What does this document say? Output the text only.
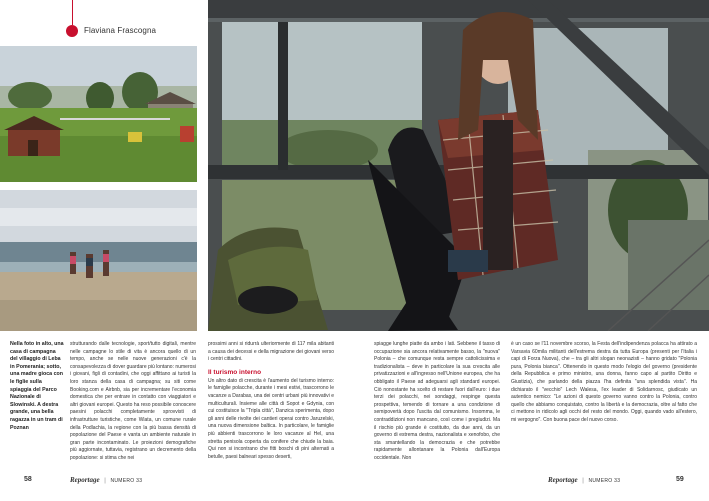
Flaviana Frascogna
Nella foto in alto, una casa di campagna del villaggio di Leba in Pomerania; sotto, una madre gioca con le figlie sulla spiaggia del Parco Nazionale di Slowinski. A destra grande, una bella ragazza in un tram di Poznan

strutturando dalle tecnologie, sport/tutto digitali, mentre nelle campagne lo stile di vita è ancora quello di un tempo, anche se nelle nuove generazioni c'è la consapevolezza di dover guardare più lontano: numerosi i giovani, figli di contadini, che oggi affittano ai turisti la loro stanza della casa di campagna; su siti come Booking.com e Airbnb, sia per incrementare l'economia domestica che per entrare in contatto con viaggiatori e altri giovani europei. Questo ha reso possibile conoscere paesini polacchi completamente sprovvisti di infrastrutture turistiche, come Wiata, un comune rurale della Podlachia, la regione con la più bassa densità di popolazione del Paese e vanta un ambiente naturale in gran parte incontaminato. Le proiezioni demografiche più aggiornate, tuttavia, registrano un decremento della popolazione: si stima che nei

prossimi anni si ridurrà ulteriormente di 117 mila abitanti a causa dei decessi e della migrazione dei giovani verso i centri cittadini.

Il turismo interno

Un altro dato di crescita è l'aumento del turismo interno: le famiglie polacche, durante i mesi estivi, trascorrono le vacanze a Darabas, una dei centri urbani più innovativi e multiculturali. Insieme alle città di Sopot e Gdynia, con cui costituisce la "Tripla città", Danzica sperimenta, dopo gli anni delle rivolte dei cantieri operai contro Jaruzelski, una nuova dimensione baltica. In particolare, le famiglie più abbienti trascorrono le loro vacanze al Hel, una stretta penisola coperta da conifere che chiude la baia. Qui non si incontrano che fitti boschi di pini alternati a betulle, paesi balneari spesso deserti,

spiagge lunghe piatte da ambo i lati. Sebbene il tasso di occupazione sia ancora relativamente basso, la "nuova" Polonia – che comunque resta sempre cattolicissima e tradizionalista – deve in particolare la sua crescita alle privatizzazioni e all'ingresso nell'Unione europea, che ha obbligato il Paese ad adeguarsi agli standard europei. Ciò nonostante ha scelto di restare fuori dall'euro: i due terzi dei polacchi, nei sondaggi, respinge questa prospettiva, temendo di tornare a una condizione di semipovertà dopo l'uscita dal comunismo. Insomma, le contraddizioni non mancano, così come i pregiudizi. Ma il rischio più grande è costituito, da due anni, da un governo di estrema destra, nazionalista e xenofobo, che sta smantellando la democrazia e che potrebbe rapidamente allontanare la Polonia dall'Europa occidentale. Non

è un caso se l'11 novembre scorso, la Festa dell'indipendenza polacca ha attirato a Varsavia 60mila militanti dell'estrema destra da tutta Europa (presenti per l'Italia i capi di Forza Nuova), che – tra gli altri slogan neonazisti – hanno gridato "Polonia pura, Polonia bianca". Ottenendo in questo modo l'elogio del governo (presidente della Repubblica e primo ministro, una donna, fanno capo al partito Diritto e Giustizia), che parlando della piazza l'ha definita "una splendida vista". Ha dichiarato il "vecchio" Lech Walesa, l'ex leader di Solidarnosc, giudicato un autentico nemico: "Le azioni di questo governo vanno contro la Polonia, contro quello che abbiamo conquistato, contro la libertà e la democrazia, oltre al fatto che ci mettono in ridicolo agli occhi del resto del mondo. Oggi, quando vado all'estero, mi vergogno". Con buona pace del nuovo corso.

58	Reportage | NUMERO 33	Reportage | NUMERO 33	59
